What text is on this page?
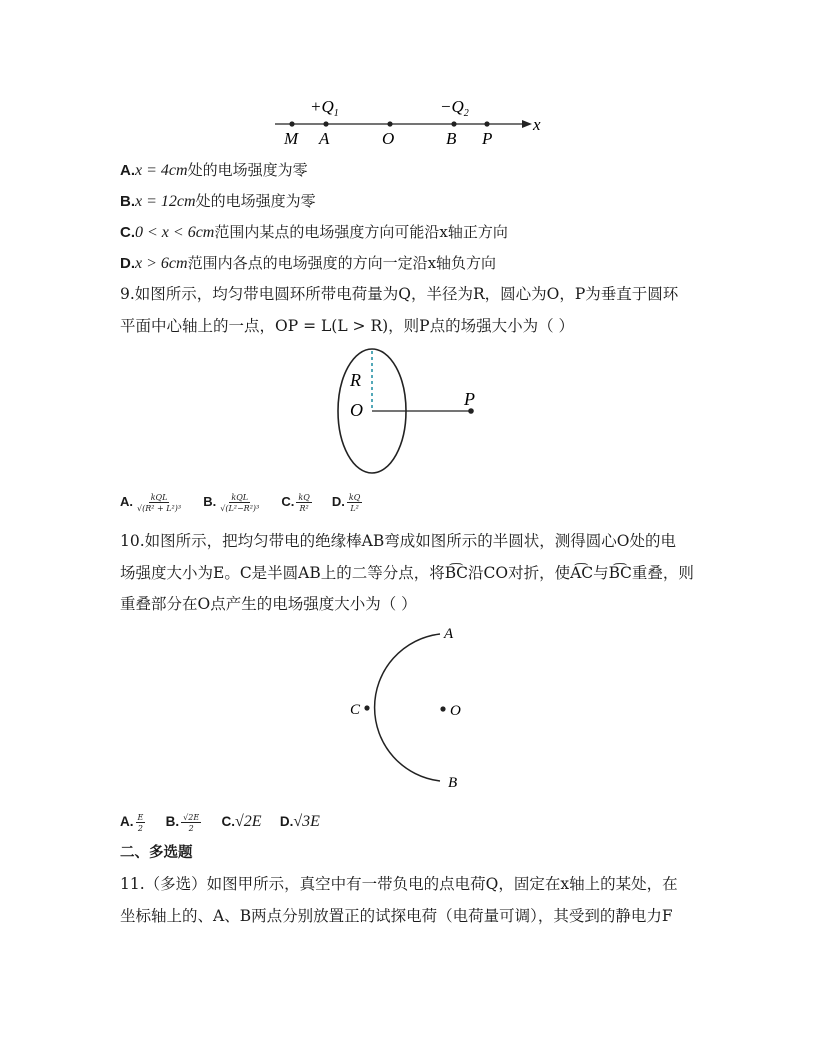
$+Q_1$	$-Q_2$
x
M A	O	B P
A.x = 4cm处的电场强度为零
B.x = 12cm处的电场强度为零
C.0 < x < 6cm范围内某点的电场强度方向可能沿x轴正方向
D.x > 6cm范围内各点的电场强度的方向一定沿x轴负方向
9.如图所示，均匀带电圆环所带电荷量为Q，半径为R，圆心为O，P为垂直于圆环
平面中心轴上的一点，OP = L(L > R)，则P点的场强大小为（ ）
R
O
P
A. $\frac{\text{kQL}}{\text{√(R² + L²)³}} B$. $\frac{\text{kQL}}{\text{√(L²−R²)³}} C$. $\frac{kQ}{\text{R²}} D$. $\frac{kQ}{\text{L²}}$
10.如图所示，把均匀带电的绝缘棒AB弯成如图所示的半圆状，测得圆心O处的电
场强度大小为E。C是半圆AB上的二等分点，将B͡C沿CO对折，使A͡C与B͡C重叠，则
重叠部分在O点产生的电场强度大小为（ ）
A
B
C	O
A. $\frac{E}{2} B$. $\frac{√2E}{2} C.√2E$ D.√3E
二、多选题
11.（多选）如图甲所示，真空中有一带负电的点电荷Q，固定在x轴上的某处，在
坐标轴上的、A、B两点分别放置正的试探电荷（电荷量可调），其受到的静电力F
